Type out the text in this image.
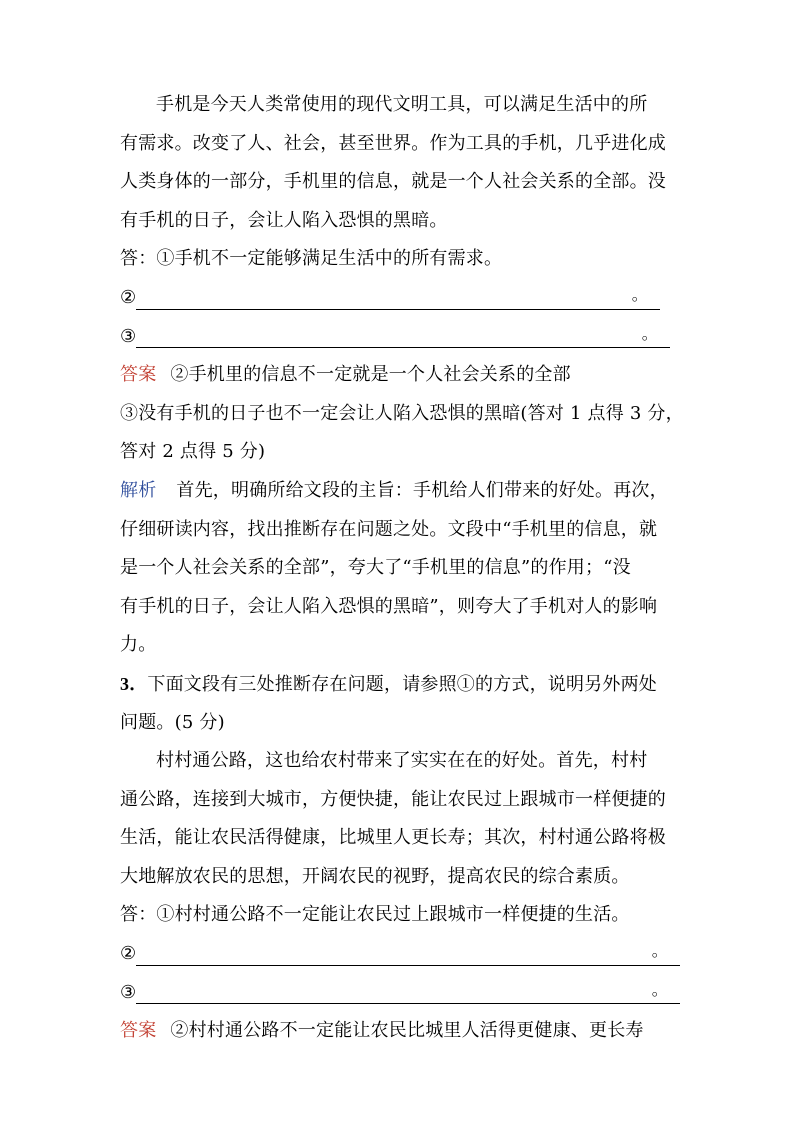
手机是今天人类常使用的现代文明工具，可以满足生活中的所
有需求。改变了人、社会，甚至世界。作为工具的手机，几乎进化成
人类身体的一部分，手机里的信息，就是一个人社会关系的全部。没
有手机的日子，会让人陷入恐惧的黑暗。
答：①手机不一定能够满足生活中的所有需求。
②	。
③	。
答案 ②手机里的信息不一定就是一个人社会关系的全部
③没有手机的日子也不一定会让人陷入恐惧的黑暗(答对 1 点得 3 分，
答对 2 点得 5 分)
解析 首先，明确所给文段的主旨：手机给人们带来的好处。再次，
仔细研读内容，找出推断存在问题之处。文段中“手机里的信息，就
是一个人社会关系的全部”，夸大了“手机里的信息”的作用；“没
有手机的日子，会让人陷入恐惧的黑暗”，则夸大了手机对人的影响
力。
3．下面文段有三处推断存在问题，请参照①的方式，说明另外两处
问题。(5 分)
村村通公路，这也给农村带来了实实在在的好处。首先，村村
通公路，连接到大城市，方便快捷，能让农民过上跟城市一样便捷的
生活，能让农民活得健康，比城里人更长寿；其次，村村通公路将极
大地解放农民的思想，开阔农民的视野，提高农民的综合素质。
答：①村村通公路不一定能让农民过上跟城市一样便捷的生活。
②	。
③	。
答案 ②村村通公路不一定能让农民比城里人活得更健康、更长寿
